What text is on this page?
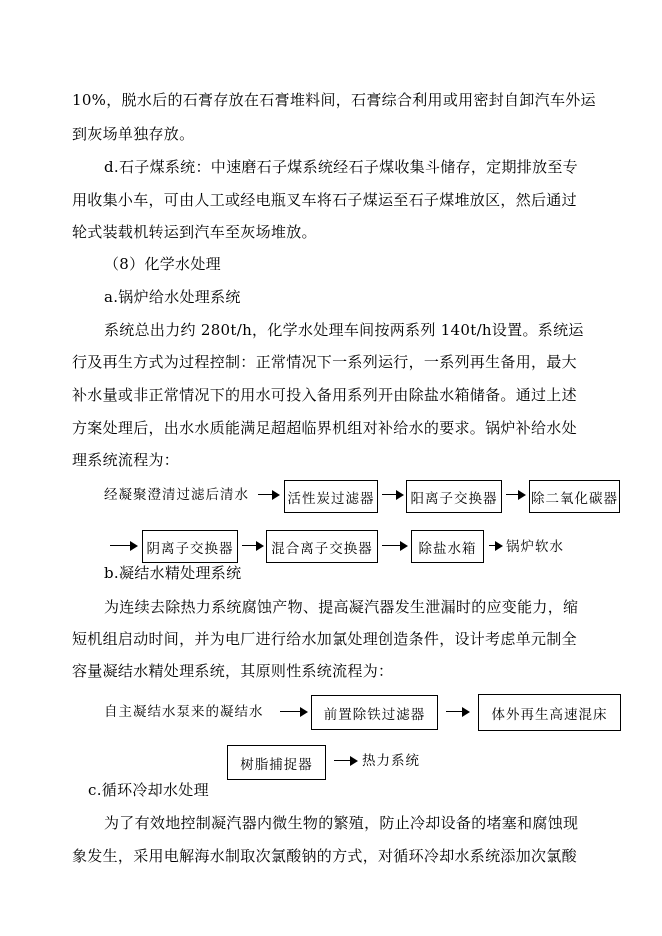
10%，脱水后的石膏存放在石膏堆料间，石膏综合利用或用密封自卸汽车外运
到灰场单独存放。
d.石子煤系统：中速磨石子煤系统经石子煤收集斗储存，定期排放至专
用收集小车，可由人工或经电瓶叉车将石子煤运至石子煤堆放区，然后通过
轮式装载机转运到汽车至灰场堆放。
（8）化学水处理
a.锅炉给水处理系统
系统总出力约 280t/h，化学水处理车间按两系列 140t/h设置。系统运
行及再生方式为过程控制：正常情况下一系列运行，一系列再生备用，最大
补水量或非正常情况下的用水可投入备用系列开由除盐水箱储备。通过上述
方案处理后，出水水质能满足超超临界机组对补给水的要求。锅炉补给水处
理系统流程为：
经凝聚澄清过滤后清水	活性炭过滤器	阳离子交换器	除二氧化碳器
阴离子交换器	混合离子交换器	除盐水箱	锅炉软水
b.凝结水精处理系统
为连续去除热力系统腐蚀产物、提高凝汽器发生泄漏时的应变能力，缩
短机组启动时间，并为电厂进行给水加氯处理创造条件，设计考虑单元制全
容量凝结水精处理系统，其原则性系统流程为：
自主凝结水泵来的凝结水	前置除铁过滤器	体外再生高速混床
树脂捕捉器	热力系统
c.循环冷却水处理
为了有效地控制凝汽器内微生物的繁殖，防止冷却设备的堵塞和腐蚀现
象发生，采用电解海水制取次氯酸钠的方式，对循环冷却水系统添加次氯酸
